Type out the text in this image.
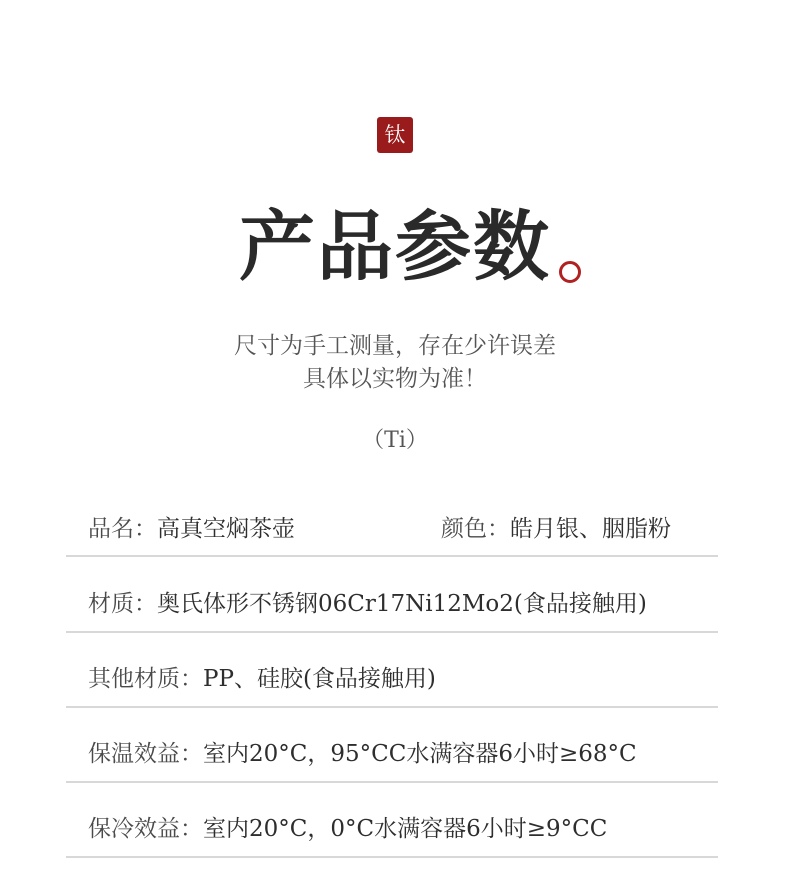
钛
产品参数
尺寸为手工测量，存在少许误差
具体以实物为准！
（Ti）
品名：高真空焖茶壶	颜色：皓月银、胭脂粉
材质：奥氏体形不锈钢06Cr17Ni12Mo2(食品接触用)
其他材质：PP、硅胶(食品接触用)
保温效益：室内20°C，95°CC水满容器6小时≥68°C
保冷效益：室内20°C，0°C水满容器6小时≥9°CC
